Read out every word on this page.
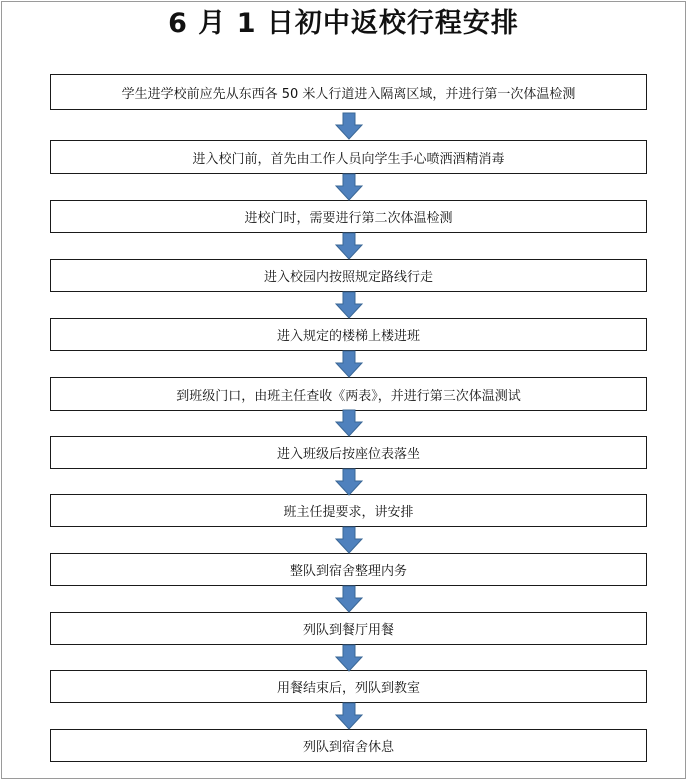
6 月 1 日初中返校行程安排
学生进学校前应先从东西各 50 米人行道进入隔离区域，并进行第一次体温检测
进入校门前，首先由工作人员向学生手心喷洒酒精消毒
进校门时，需要进行第二次体温检测
进入校园内按照规定路线行走
进入规定的楼梯上楼进班
到班级门口，由班主任查收《两表》，并进行第三次体温测试
进入班级后按座位表落坐
班主任提要求，讲安排
整队到宿舍整理内务
列队到餐厅用餐
用餐结束后，列队到教室
列队到宿舍休息
